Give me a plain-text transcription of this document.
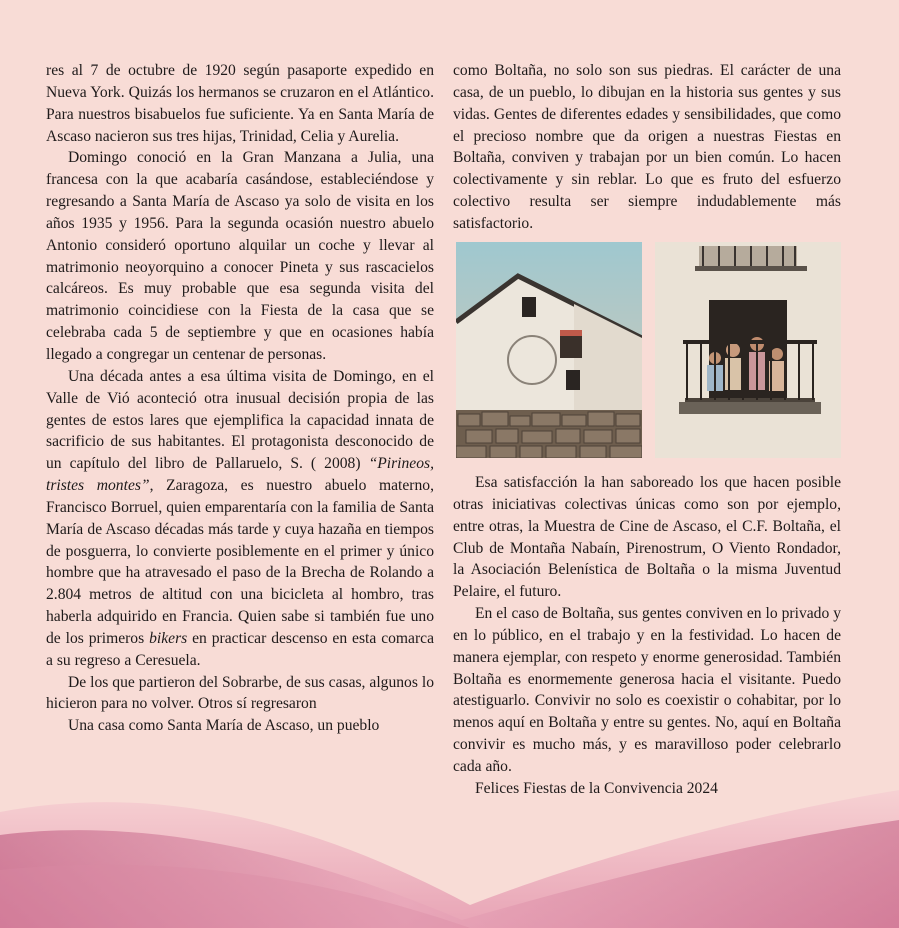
res al 7 de octubre de 1920 según pasaporte expedido en Nueva York. Quizás los hermanos se cruzaron en el Atlántico. Para nuestros bisabuelos fue suficiente. Ya en Santa María de Ascaso nacieron sus tres hijas, Trinidad, Celia y Aurelia.

Domingo conoció en la Gran Manzana a Julia, una francesa con la que acabaría casándose, estableciéndose y regresando a Santa María de Ascaso ya solo de visita en los años 1935 y 1956. Para la segunda ocasión nuestro abuelo Antonio consideró oportuno alquilar un coche y llevar al matrimonio neoyorquino a conocer Pineta y sus rascacielos calcáreos. Es muy probable que esa segunda visita del matrimonio coincidiese con la Fiesta de la casa que se celebraba cada 5 de septiembre y que en ocasiones había llegado a congregar un centenar de personas.

Una década antes a esa última visita de Domingo, en el Valle de Vió aconteció otra inusual decisión propia de las gentes de estos lares que ejemplifica la capacidad innata de sacrificio de sus habitantes. El protagonista desconocido de un capítulo del libro de Pallaruelo, S. ( 2008) “Pirineos, tristes montes”, Zaragoza, es nuestro abuelo materno, Francisco Borruel, quien emparentaría con la familia de Santa María de Ascaso décadas más tarde y cuya hazaña en tiempos de posguerra, lo convierte posiblemente en el primer y único hombre que ha atravesado el paso de la Brecha de Rolando a 2.804 metros de altitud con una bicicleta al hombro, tras haberla adquirido en Francia. Quien sabe si también fue uno de los primeros bikers en practicar descenso en esta comarca a su regreso a Ceresuela.

De los que partieron del Sobrarbe, de sus casas, algunos lo hicieron para no volver. Otros sí regresaron

Una casa como Santa María de Ascaso, un pueblo

como Boltaña, no solo son sus piedras. El carácter de una casa, de un pueblo, lo dibujan en la historia sus gentes y sus vidas. Gentes de diferentes edades y sensibilidades, que como el precioso nombre que da origen a nuestras Fiestas en Boltaña, conviven y trabajan por un bien común. Lo hacen colectivamente y sin reblar. Lo que es fruto del esfuerzo colectivo resulta ser siempre indudablemente más satisfactorio.

Esa satisfacción la han saboreado los que hacen posible otras iniciativas colectivas únicas como son por ejemplo, entre otras, la Muestra de Cine de Ascaso, el C.F. Boltaña, el Club de Montaña Nabaín, Pirenostrum, O Viento Rondador, la Asociación Belenística de Boltaña o la misma Juventud Pelaire, el futuro.

En el caso de Boltaña, sus gentes conviven en lo privado y en lo público, en el trabajo y en la festividad. Lo hacen de manera ejemplar, con respeto y enorme generosidad. También Boltaña es enormemente generosa hacia el visitante. Puedo atestiguarlo. Convivir no solo es coexistir o cohabitar, por lo menos aquí en Boltaña y entre su gentes. No, aquí en Boltaña convivir es mucho más, y es maravilloso poder celebrarlo cada año.

Felices Fiestas de la Convivencia 2024
